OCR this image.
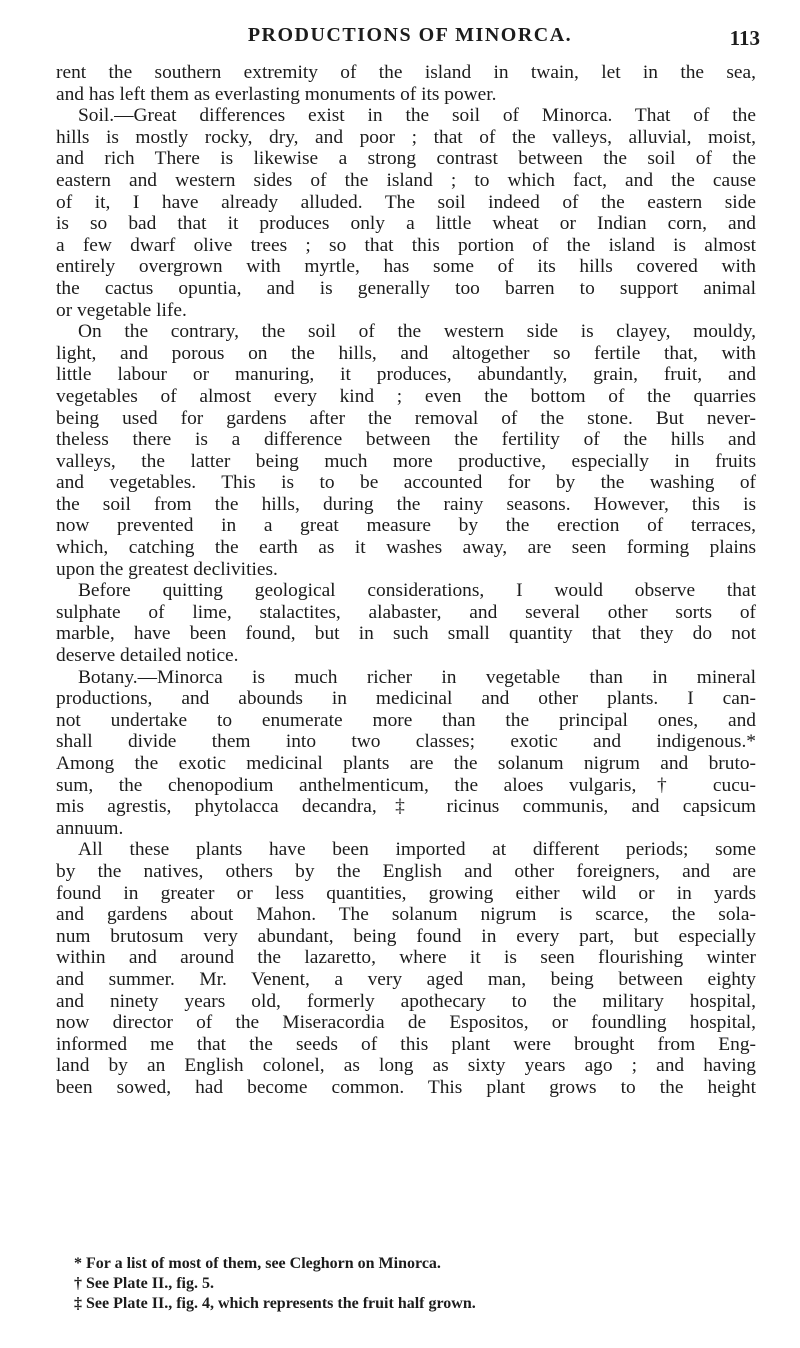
PRODUCTIONS OF MINORCA.	113
rent the southern extremity of the island in twain, let in the sea,
and has left them as everlasting monuments of its power.
Soil.—Great differences exist in the soil of Minorca. That of the
hills is mostly rocky, dry, and poor ; that of the valleys, alluvial, moist,
and rich There is likewise a strong contrast between the soil of the
eastern and western sides of the island ; to which fact, and the cause
of it, I have already alluded. The soil indeed of the eastern side
is so bad that it produces only a little wheat or Indian corn, and
a few dwarf olive trees ; so that this portion of the island is almost
entirely overgrown with myrtle, has some of its hills covered with
the cactus opuntia, and is generally too barren to support animal
or vegetable life.
On the contrary, the soil of the western side is clayey, mouldy,
light, and porous on the hills, and altogether so fertile that, with
little labour or manuring, it produces, abundantly, grain, fruit, and
vegetables of almost every kind ; even the bottom of the quarries
being used for gardens after the removal of the stone. But never-
theless there is a difference between the fertility of the hills and
valleys, the latter being much more productive, especially in fruits
and vegetables. This is to be accounted for by the washing of
the soil from the hills, during the rainy seasons. However, this is
now prevented in a great measure by the erection of terraces,
which, catching the earth as it washes away, are seen forming plains
upon the greatest declivities.
Before quitting geological considerations, I would observe that
sulphate of lime, stalactites, alabaster, and several other sorts of
marble, have been found, but in such small quantity that they do not
deserve detailed notice.
Botany.—Minorca is much richer in vegetable than in mineral
productions, and abounds in medicinal and other plants. I can-
not undertake to enumerate more than the principal ones, and
shall divide them into two classes; exotic and indigenous.*
Among the exotic medicinal plants are the solanum nigrum and bruto-
sum, the chenopodium anthelmenticum, the aloes vulgaris,† cucu-
mis agrestis, phytolacca decandra,‡ ricinus communis, and capsicum
annuum.
All these plants have been imported at different periods; some
by the natives, others by the English and other foreigners, and are
found in greater or less quantities, growing either wild or in yards
and gardens about Mahon. The solanum nigrum is scarce, the sola-
num brutosum very abundant, being found in every part, but especially
within and around the lazaretto, where it is seen flourishing winter
and summer. Mr. Venent, a very aged man, being between eighty
and ninety years old, formerly apothecary to the military hospital,
now director of the Miseracordia de Espositos, or foundling hospital,
informed me that the seeds of this plant were brought from Eng-
land by an English colonel, as long as sixty years ago ; and having
been sowed, had become common. This plant grows to the height
* For a list of most of them, see Cleghorn on Minorca.
† See Plate II., fig. 5.
‡ See Plate II., fig. 4, which represents the fruit half grown.
